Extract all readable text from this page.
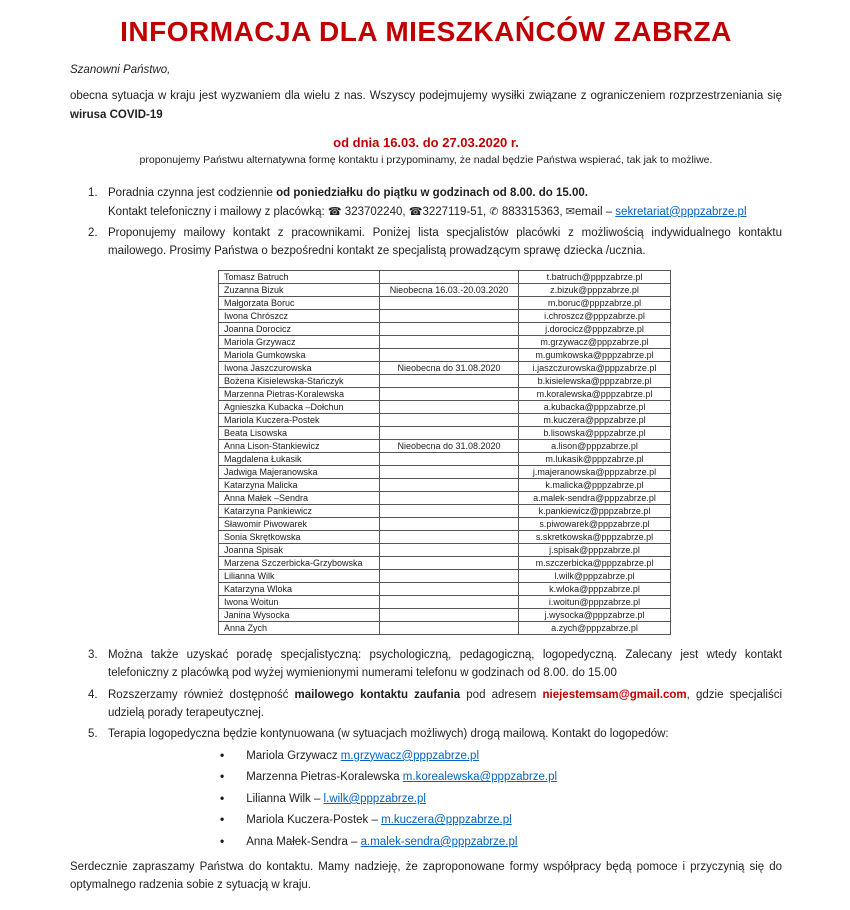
INFORMACJA DLA MIESZKAŃCÓW ZABRZA

Szanowni Państwo,

obecna sytuacja w kraju jest wyzwaniem dla wielu z nas. Wszyscy podejmujemy wysiłki związane z ograniczeniem rozprzestrzeniania się wirusa COVID-19

od dnia 16.03. do 27.03.2020 r.

proponujemy Państwu alternatywna formę kontaktu i przypominamy, że nadal będzie Państwa wspierać, tak jak to możliwe.

1. Poradnia czynna jest codziennie od poniedziałku do piątku w godzinach od 8.00. do 15.00.
Kontakt telefoniczny i mailowy z placówką: ☎ 323702240, ☎3227119-51, ✆ 883315363, ✉email – sekretariat@pppzabrze.pl
2. Proponujemy mailowy kontakt z pracownikami. Poniżej lista specjalistów placówki z możliwością indywidualnego kontaktu mailowego. Prosimy Państwa o bezpośredni kontakt ze specjalistą prowadzącym sprawę dziecka /ucznia.
Tomasz Batruch		t.batruch@pppzabrze.pl
Zuzanna Bizuk	Nieobecna 16.03.-20.03.2020	z.bizuk@pppzabrze.pl
Małgorzata Boruc		m.boruc@pppzabrze.pl
Iwona Chrószcz		i.chroszcz@pppzabrze.pl
Joanna Dorocicz		j.dorocicz@pppzabrze.pl
Mariola Grzywacz		m.grzywacz@pppzabrze.pl
Mariola Gumkowska		m.gumkowska@pppzabrze.pl
Iwona Jaszczurowska	Nieobecna do 31.08.2020	i.jaszczurowska@pppzabrze.pl
Bożena Kisielewska-Stańczyk		b.kisielewska@pppzabrze.pl
Marzenna Pietras-Koralewska		m.koralewska@pppzabrze.pl
Agnieszka Kubacka –Dołchun		a.kubacka@pppzabrze.pl
Mariola Kuczera-Postek		m.kuczera@pppzabrze.pl
Beata Lisowska		b.lisowska@pppzabrze.pl
Anna Lison-Stankiewicz	Nieobecna do 31.08.2020	a.lison@pppzabrze.pl
Magdalena Łukasik		m.lukasik@pppzabrze.pl
Jadwiga Majeranowska		j.majeranowska@pppzabrze.pl
Katarzyna Malicka		k.malicka@pppzabrze.pl
Anna Małek –Sendra		a.malek-sendra@pppzabrze.pl
Katarzyna Pankiewicz		k.pankiewicz@pppzabrze.pl
Sławomir Piwowarek		s.piwowarek@pppzabrze.pl
Sonia Skrętkowska		s.skretkowska@pppzabrze.pl
Joanna Spisak		j.spisak@pppzabrze.pl
Marzena Szczerbicka-Grzybowska		m.szczerbicka@pppzabrze.pl
Lilianna Wilk		l.wilk@pppzabrze.pl
Katarzyna Wloka		k.wloka@pppzabrze.pl
Iwona Woitun		i.woitun@pppzabrze.pl
Janina Wysocka		j.wysocka@pppzabrze.pl
Anna Zych		a.zych@pppzabrze.pl
3. Można także uzyskać poradę specjalistyczną: psychologiczną, pedagogiczną, logopedyczną. Zalecany jest wtedy kontakt telefoniczny z placówką pod wyżej wymienionymi numerami telefonu w godzinach od 8.00. do 15.00
4. Rozszerzamy również dostępność mailowego kontaktu zaufania pod adresem niejestemsam@gmail.com, gdzie specjaliści udzielą porady terapeutycznej.
5. Terapia logopedyczna będzie kontynuowana (w sytuacjach możliwych) drogą mailową. Kontakt do logopedów:
• Mariola Grzywacz m.grzywacz@pppzabrze.pl
• Marzenna Pietras-Koralewska m.korealewska@pppzabrze.pl
• Lilianna Wilk – l.wilk@pppzabrze.pl
• Mariola Kuczera-Postek – m.kuczera@pppzabrze.pl
• Anna Małek-Sendra – a.malek-sendra@pppzabrze.pl

Serdecznie zapraszamy Państwa do kontaktu. Mamy nadzieję, że zaproponowane formy współpracy będą pomoce i przyczynią się do optymalnego radzenia sobie z sytuacją w kraju.
